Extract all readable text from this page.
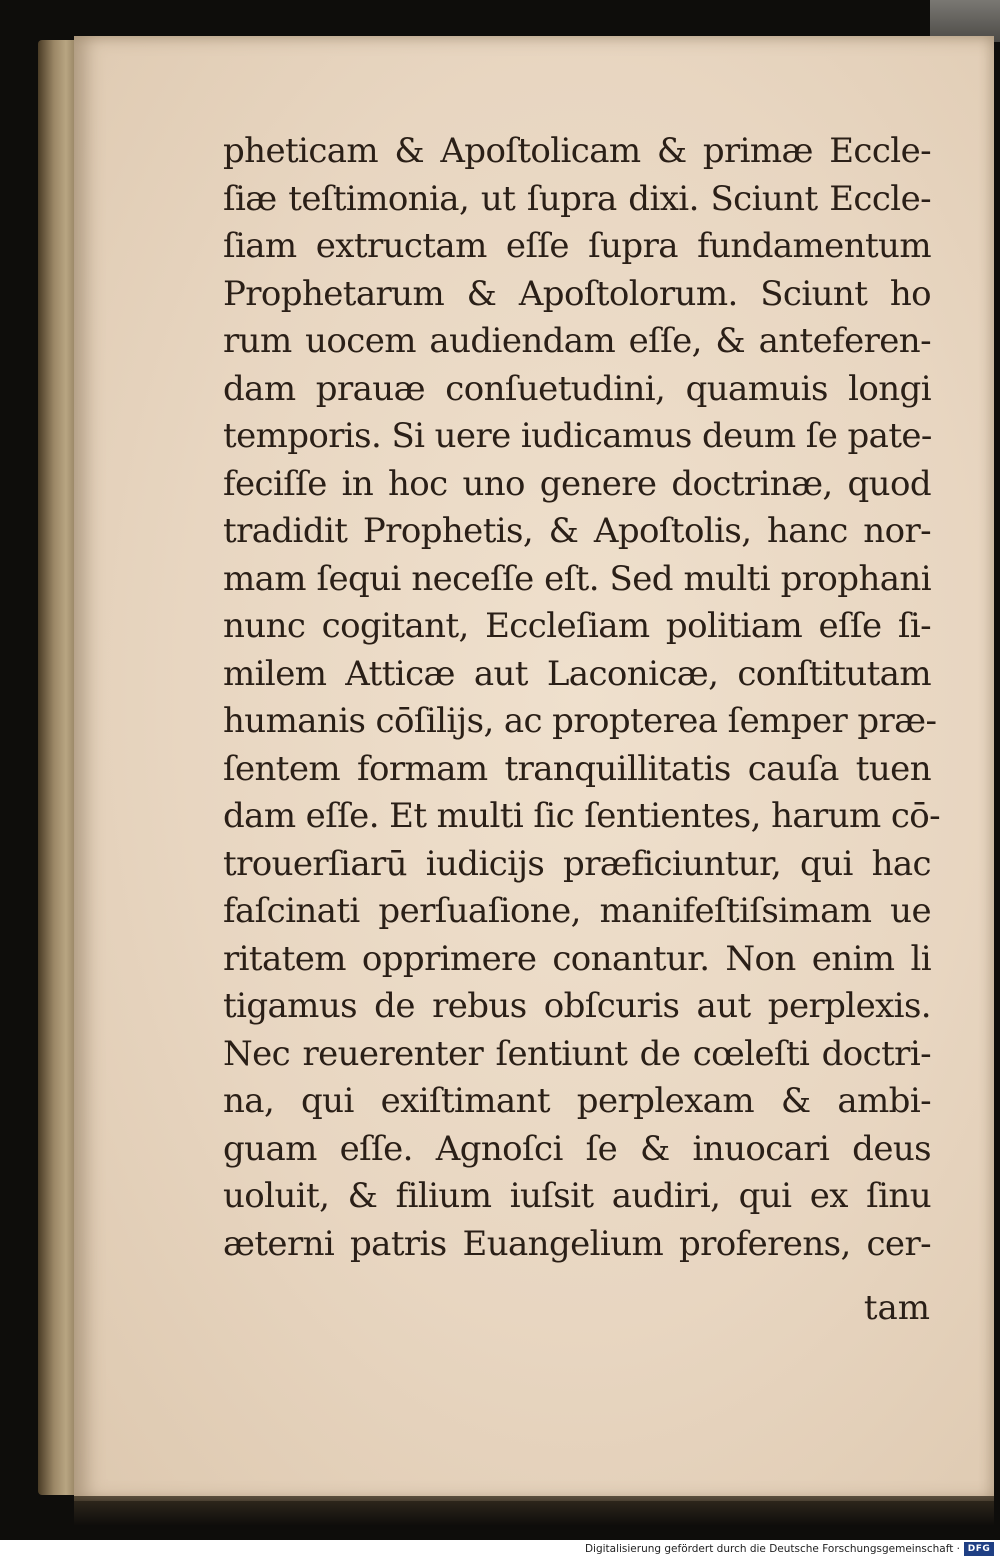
pheticam & Apoſtolicam & primæ Eccle-
ſiæ teſtimonia, ut ſupra dixi. Sciunt Eccle-
ſiam extructam eſſe ſupra fundamentum
Prophetarum & Apoſtolorum. Sciunt ho
rum uocem audiendam eſſe, & anteferen-
dam prauæ conſuetudini, quamuis longi
temporis. Si uere iudicamus deum ſe pate-
feciſſe in hoc uno genere doctrinæ, quod
tradidit Prophetis, & Apoſtolis, hanc nor-
mam ſequi neceſſe eſt. Sed multi prophani
nunc cogitant, Eccleſiam politiam eſſe ſi-
milem Atticæ aut Laconicæ, conſtitutam
humanis cōſilijs, ac propterea ſemper præ-
ſentem formam tranquillitatis cauſa tuen
dam eſſe. Et multi ſic ſentientes, harum cō-
trouerſiarū iudicijs præficiuntur, qui hac
faſcinati perſuaſione, manifeſtiſsimam ue
ritatem opprimere conantur. Non enim li
tigamus de rebus obſcuris aut perplexis.
Nec reuerenter ſentiunt de cœleſti doctri-
na, qui exiſtimant perplexam & ambi-
guam eſſe. Agnoſci ſe & inuocari deus
uoluit, & filium iuſsit audiri, qui ex ſinu
æterni patris Euangelium proferens, cer-
tam
Digitalisierung gefördert durch die Deutsche Forschungsgemeinschaft · DFG
